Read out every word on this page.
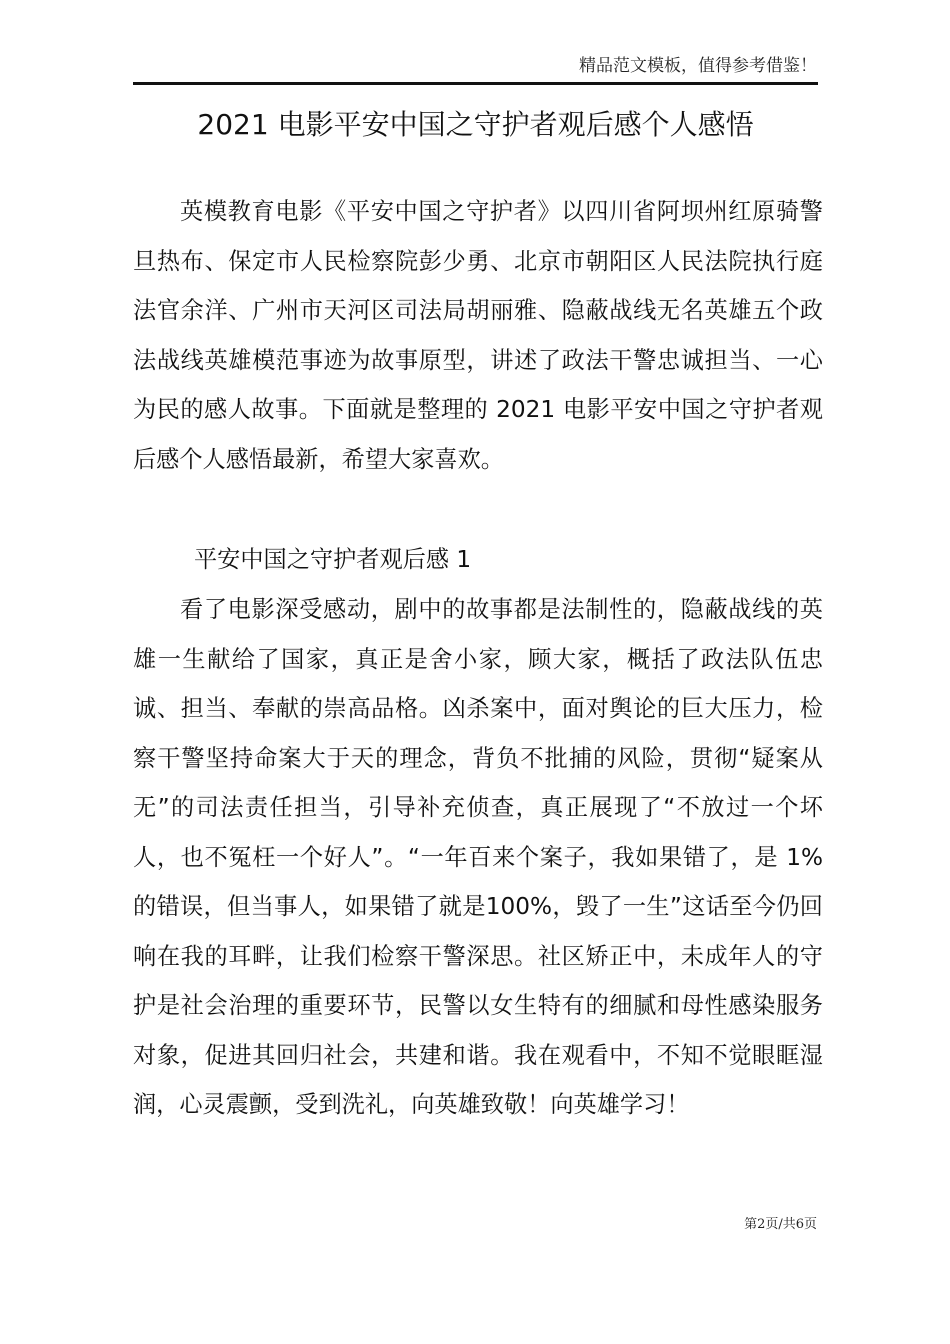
精品范文模板，值得参考借鉴！
2021 电影平安中国之守护者观后感个人感悟

英模教育电影《平安中国之守护者》以四川省阿坝州红原骑警旦热布、保定市人民检察院彭少勇、北京市朝阳区人民法院执行庭法官余洋、广州市天河区司法局胡丽雅、隐蔽战线无名英雄五个政法战线英雄模范事迹为故事原型，讲述了政法干警忠诚担当、一心为民的感人故事。下面就是整理的 2021 电影平安中国之守护者观后感个人感悟最新，希望大家喜欢。

平安中国之守护者观后感 1

看了电影深受感动，剧中的故事都是法制性的，隐蔽战线的英雄一生献给了国家，真正是舍小家，顾大家，概括了政法队伍忠诚、担当、奉献的崇高品格。凶杀案中，面对舆论的巨大压力，检察干警坚持命案大于天的理念，背负不批捕的风险，贯彻“疑案从无”的司法责任担当，引导补充侦查，真正展现了“不放过一个坏人，也不冤枉一个好人”。“一年百来个案子，我如果错了，是 1%的错误，但当事人，如果错了就是100%，毁了一生”这话至今仍回响在我的耳畔，让我们检察干警深思。社区矫正中，未成年人的守护是社会治理的重要环节，民警以女生特有的细腻和母性感染服务对象，促进其回归社会，共建和谐。我在观看中，不知不觉眼眶湿润，心灵震颤，受到洗礼，向英雄致敬！向英雄学习！

第2页/共6页
